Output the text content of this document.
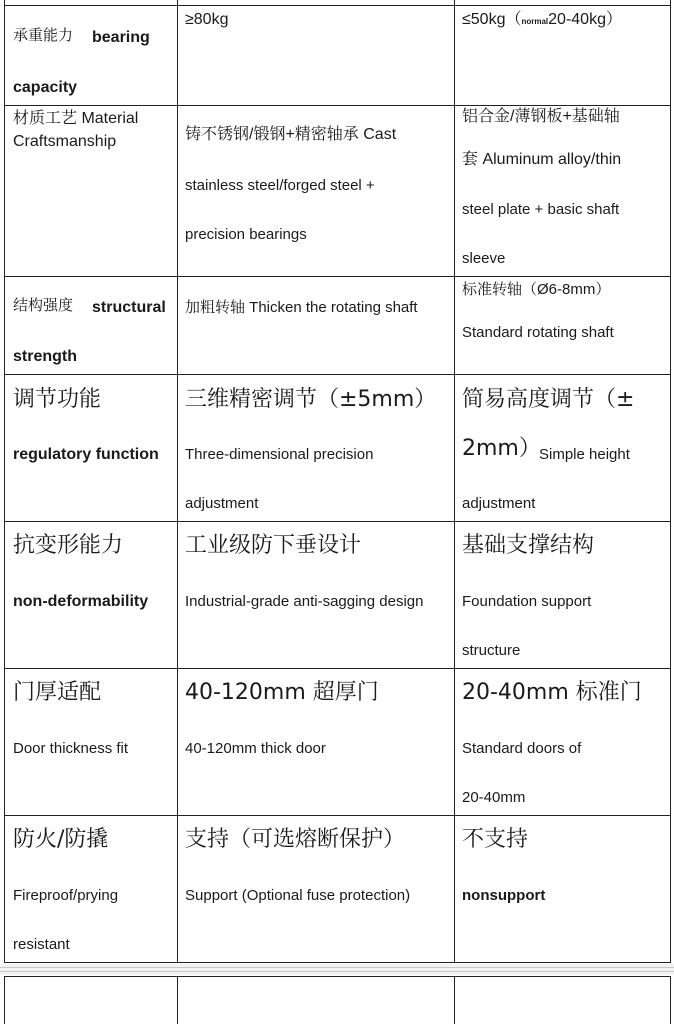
承重能力 bearing
capacity
≥80kg	≤50kg（normal20-40kg）
材质工艺 Material
Craftsmanship	铸不锈钢/锻钢+精密轴承 Cast
stainless steel/forged steel +
precision bearings
铝合金/薄钢板+基础轴
套 Aluminum alloy/thin
steel plate + basic shaft
sleeve
结构强度 structural
strength
加粗转轴 Thicken the rotating shaft
标准转轴（Ø6-8mm）
Standard rotating shaft
调节功能
regulatory function
三维精密调节（±5mm）
Three-dimensional precision
adjustment
简易高度调节（±
2mm）
Simple height
adjustment
抗变形能力
non-deformability
工业级防下垂设计
Industrial-grade anti-sagging design
基础支撑结构
Foundation support
structure
门厚适配
Door thickness fit
40-120mm 超厚门
40-120mm thick door
20-40mm 标准门
Standard doors of
20-40mm
防火/防撬
Fireproof/prying
resistant
支持（可选熔断保护）
Support (Optional fuse protection)
不支持
nonsupport
